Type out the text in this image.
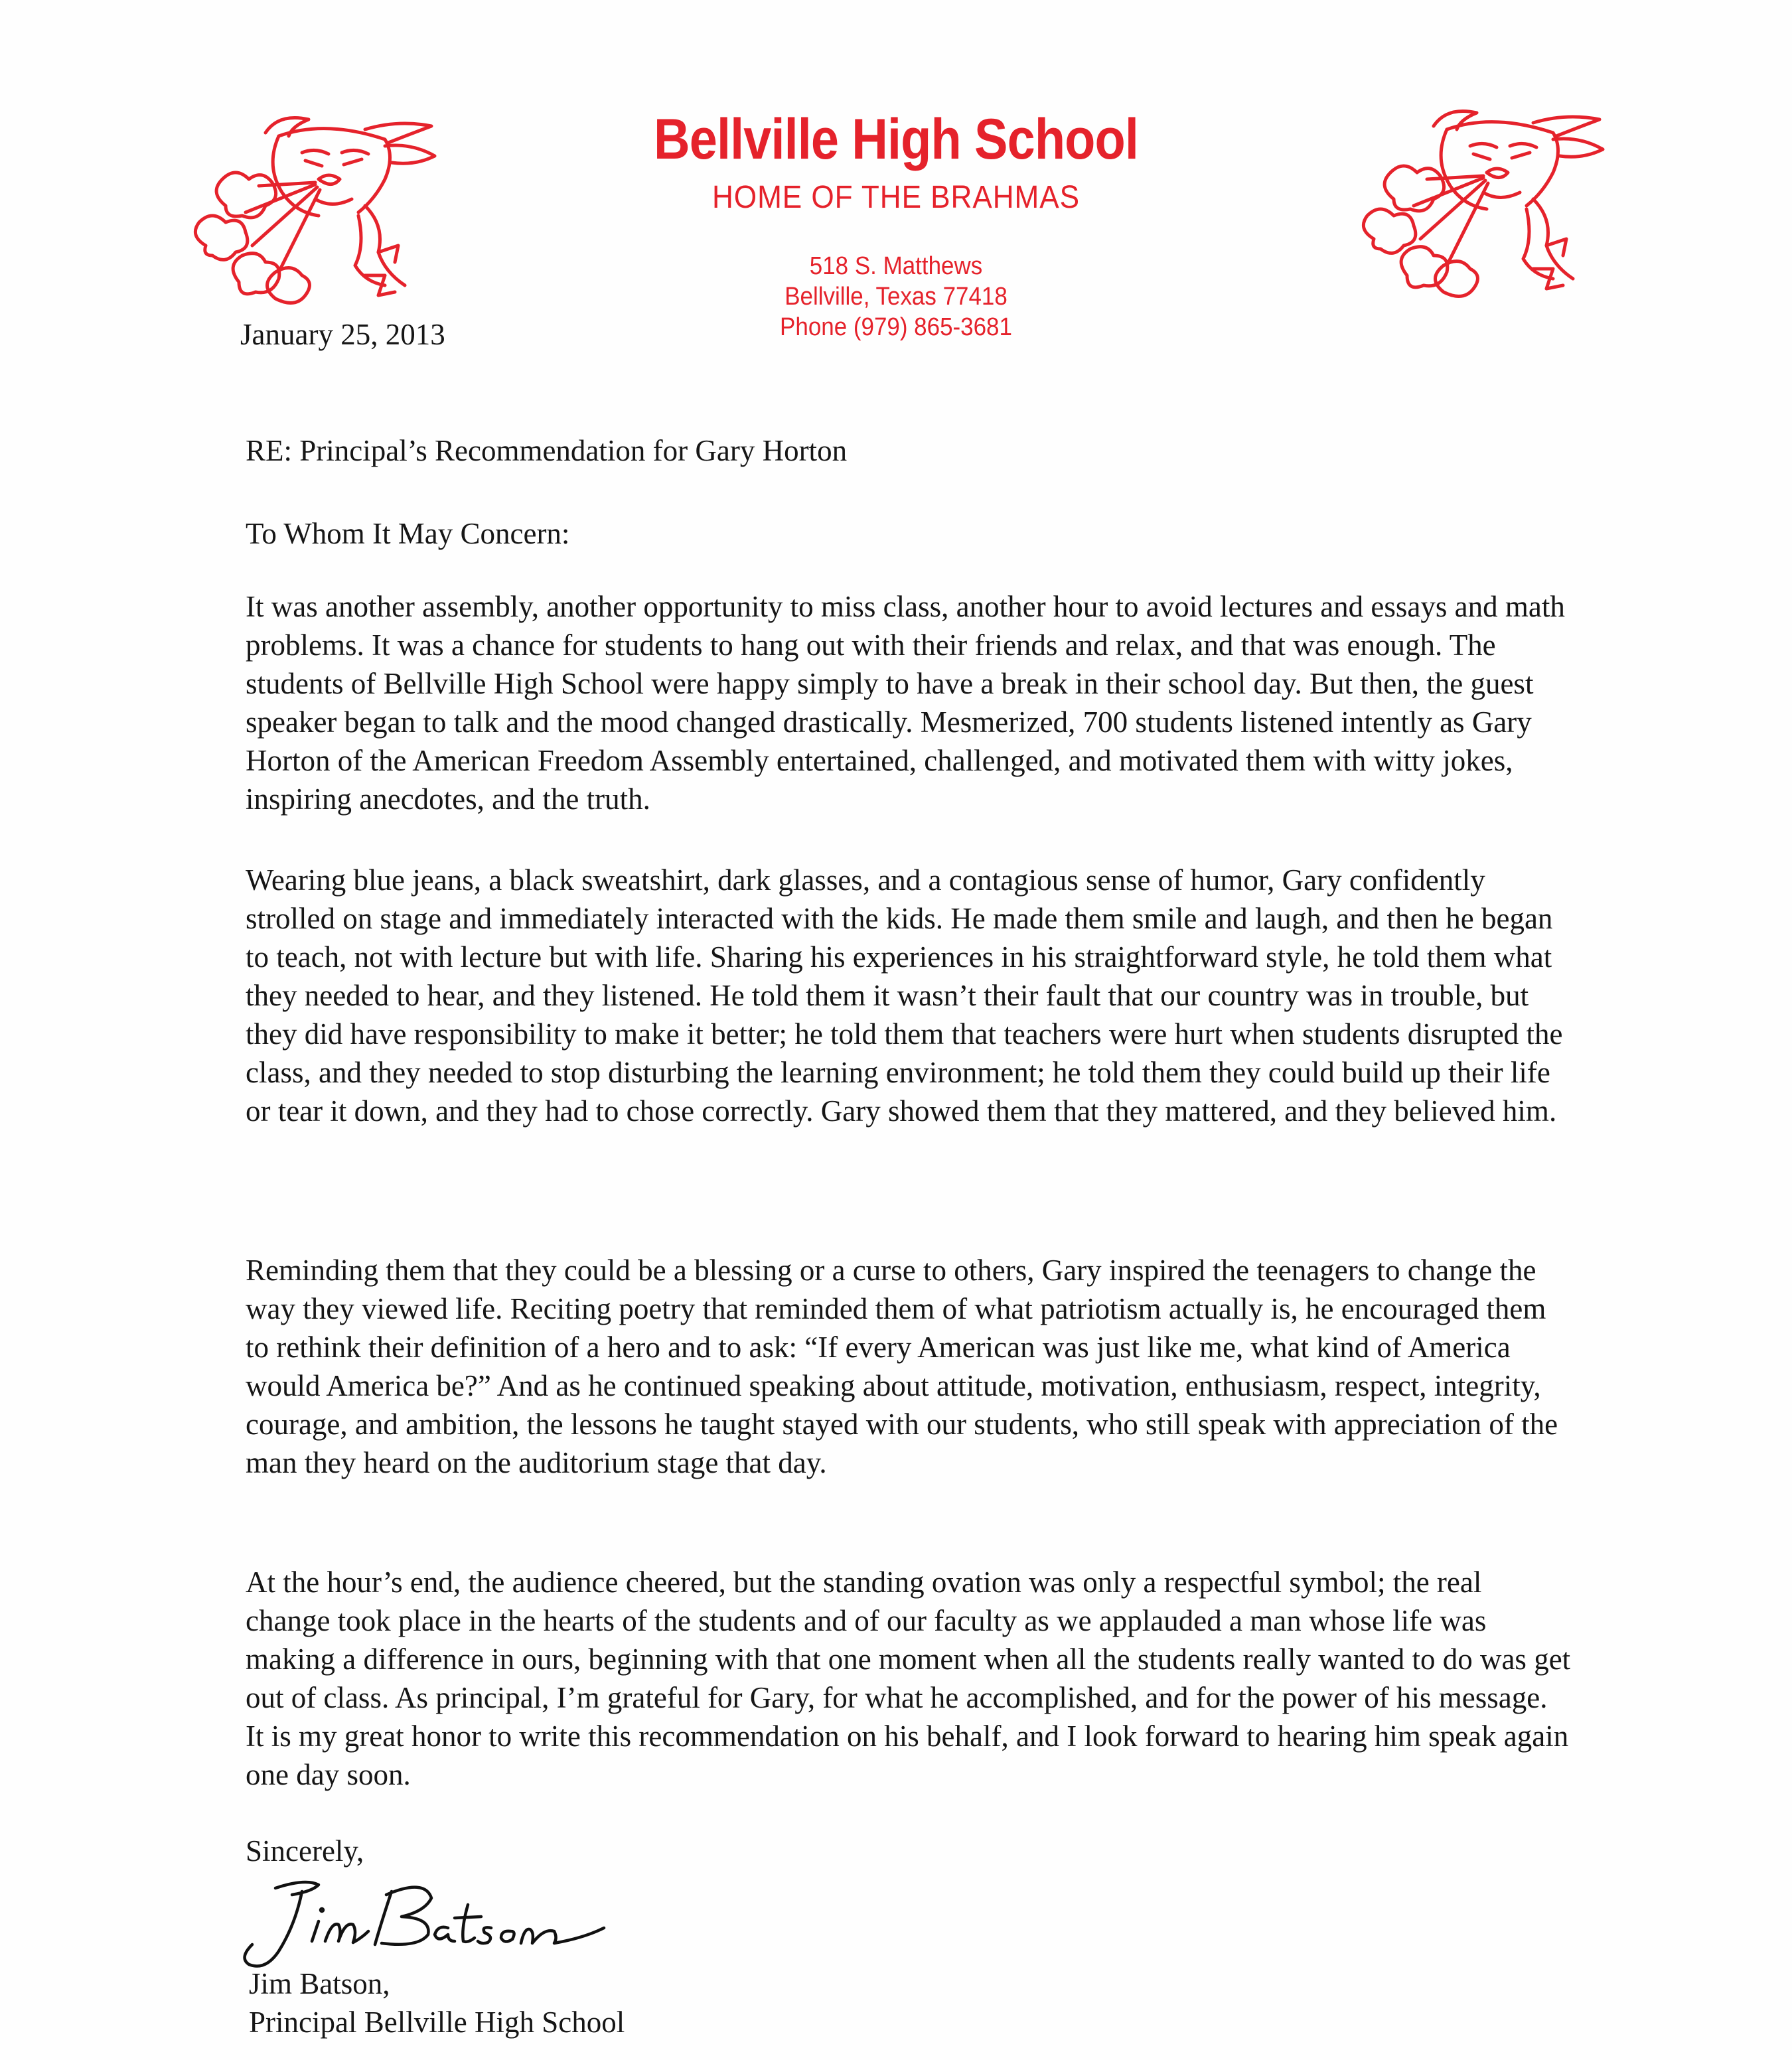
Bellville High School
HOME OF THE BRAHMAS
518 S. Matthews
Bellville, Texas 77418
Phone (979) 865-3681
January 25, 2013
RE: Principal’s Recommendation for Gary Horton
To Whom It May Concern:
It was another assembly, another opportunity to miss class, another hour to avoid lectures and essays and math problems. It was a chance for students to hang out with their friends and relax, and that was enough. The students of Bellville High School were happy simply to have a break in their school day. But then, the guest speaker began to talk and the mood changed drastically. Mesmerized, 700 students listened intently as Gary Horton of the American Freedom Assembly entertained, challenged, and motivated them with witty jokes, inspiring anecdotes, and the truth.
Wearing blue jeans, a black sweatshirt, dark glasses, and a contagious sense of humor, Gary confidently strolled on stage and immediately interacted with the kids. He made them smile and laugh, and then he began to teach, not with lecture but with life. Sharing his experiences in his straightforward style, he told them what they needed to hear, and they listened. He told them it wasn’t their fault that our country was in trouble, but they did have responsibility to make it better; he told them that teachers were hurt when students disrupted the class, and they needed to stop disturbing the learning environment; he told them they could build up their life or tear it down, and they had to chose correctly. Gary showed them that they mattered, and they believed him.
Reminding them that they could be a blessing or a curse to others, Gary inspired the teenagers to change the way they viewed life. Reciting poetry that reminded them of what patriotism actually is, he encouraged them to rethink their definition of a hero and to ask: “If every American was just like me, what kind of America would America be?” And as he continued speaking about attitude, motivation, enthusiasm, respect, integrity, courage, and ambition, the lessons he taught stayed with our students, who still speak with appreciation of the man they heard on the auditorium stage that day.
At the hour’s end, the audience cheered, but the standing ovation was only a respectful symbol; the real change took place in the hearts of the students and of our faculty as we applauded a man whose life was making a difference in ours, beginning with that one moment when all the students really wanted to do was get out of class. As principal, I’m grateful for Gary, for what he accomplished, and for the power of his message. It is my great honor to write this recommendation on his behalf, and I look forward to hearing him speak again one day soon.
Sincerely,
Jim Batson,
Principal Bellville High School
